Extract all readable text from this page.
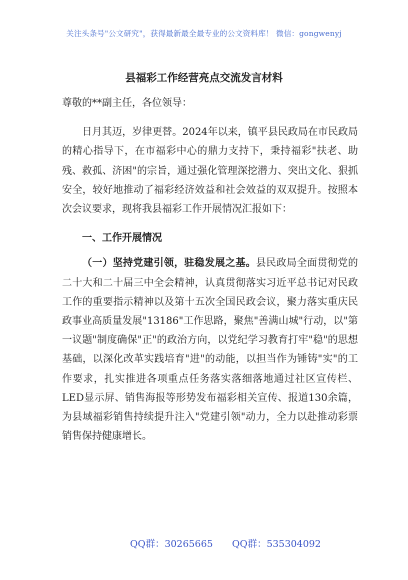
关注头条号"公文研究"，获得最新最全最专业的公文资料库！ 微信：gongwenyj
县福彩工作经营亮点交流发言材料

尊敬的**副主任，各位领导：

日月其迈，岁律更替。2024年以来，镇平县民政局在市民政局的精心指导下，在市福彩中心的鼎力支持下，秉持福彩"扶老、助残、救孤、济困"的宗旨，通过强化管理深挖潜力、突出文化、狠抓安全，较好地推动了福彩经济效益和社会效益的双双提升。按照本次会议要求，现将我县福彩工作开展情况汇报如下：

一、工作开展情况

（一）坚持党建引领，驻稳发展之基。县民政局全面贯彻党的二十大和二十届三中全会精神，认真贯彻落实习近平总书记对民政工作的重要指示精神以及第十五次全国民政会议，聚力落实重庆民政事业高质量发展"13186"工作思路，聚焦"善满山城"行动，以"第一议题"制度确保"正"的政治方向，以党纪学习教育打牢"稳"的思想基础，以深化改革实践培育"进"的动能，以担当作为锤铸"实"的工作要求，扎实推进各项重点任务落实落细落地通过社区宣传栏、LED显示屏、销售海报等形势发布福彩相关宣传、报道130余篇，为县域福彩销售持续提升注入"党建引领"动力，全力以赴推动彩票销售保持健康增长。

QQ群：30265665 QQ群：535304092
